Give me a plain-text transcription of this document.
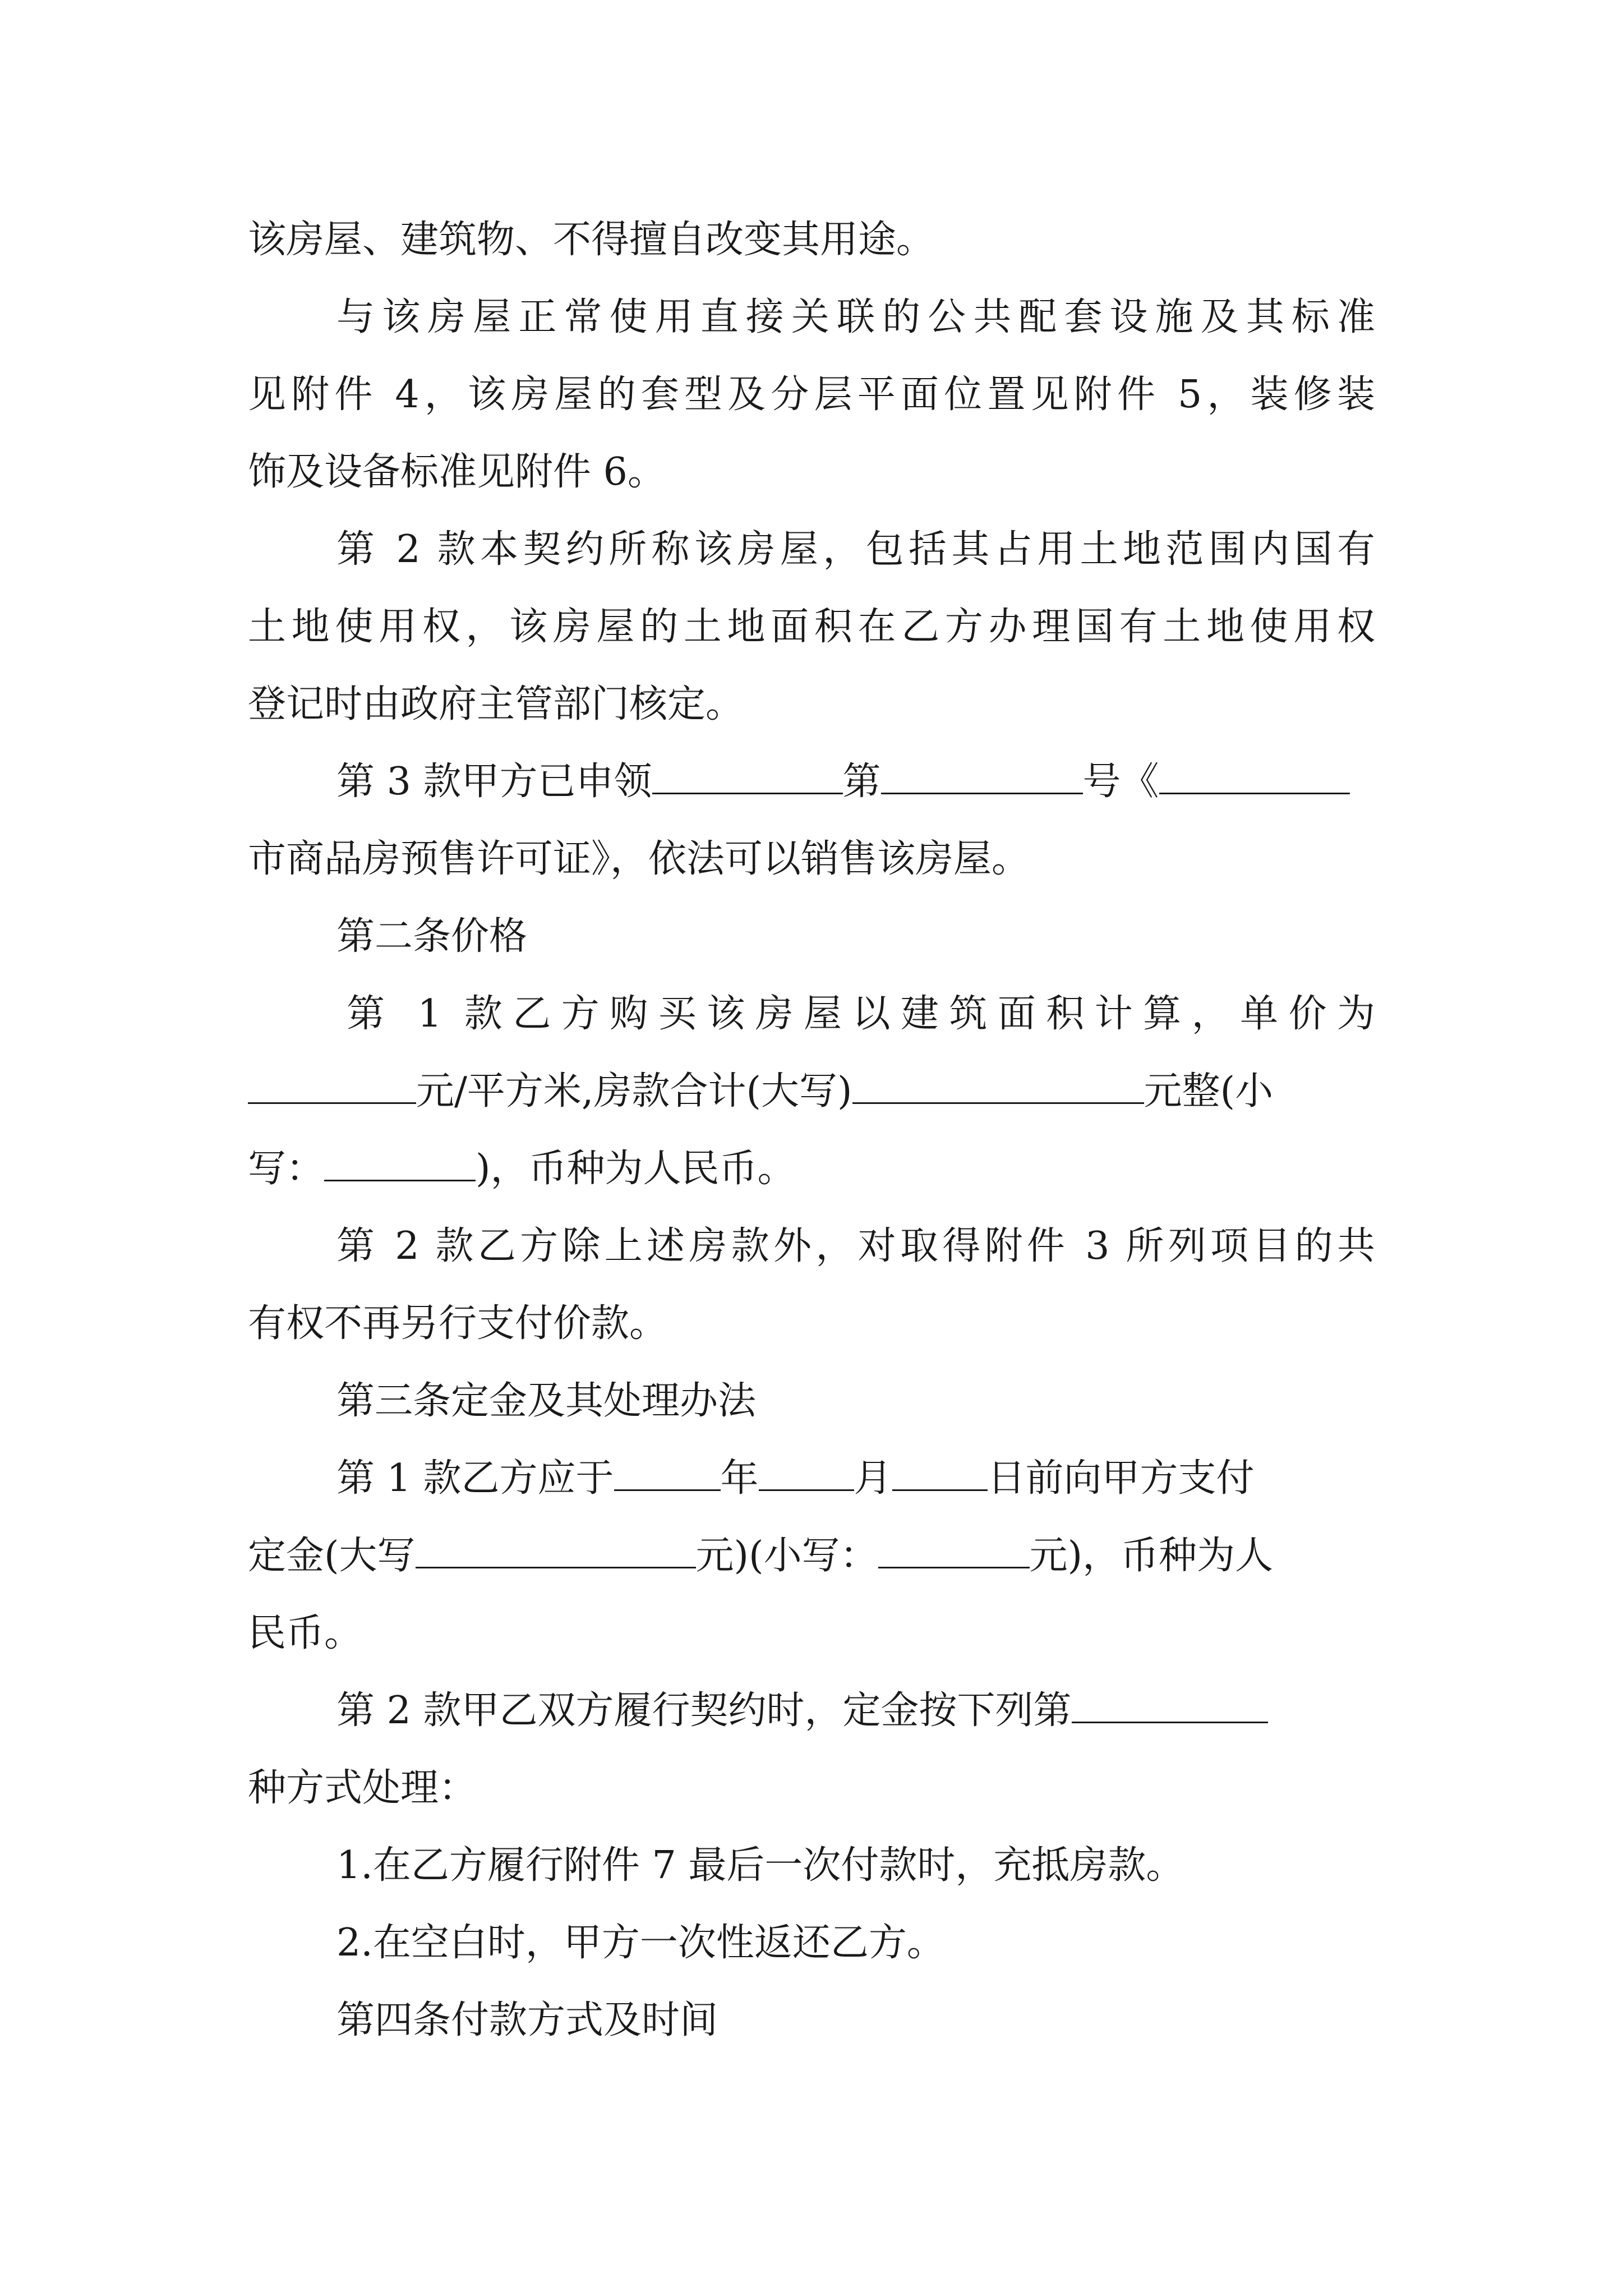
该房屋、建筑物、不得擅自改变其用途。
与该房屋正常使用直接关联的公共配套设施及其标准
见附件 4，该房屋的套型及分层平面位置见附件 5，装修装
饰及设备标准见附件 6。
第 2 款本契约所称该房屋，包括其占用土地范围内国有
土地使用权，该房屋的土地面积在乙方办理国有土地使用权
登记时由政府主管部门核定。
第 3 款甲方已申领	第	号《
市商品房预售许可证》，依法可以销售该房屋。
第二条价格
第 1 款乙方购买该房屋以建筑面积计算，单价为
元/平方米,房款合计(大写)	元整(小
写：	)，币种为人民币。
第 2 款乙方除上述房款外，对取得附件 3 所列项目的共
有权不再另行支付价款。
第三条定金及其处理办法
第 1 款乙方应于	年	月	日前向甲方支付
定金(大写	元)(小写：	元)，币种为人
民币。
第 2 款甲乙双方履行契约时，定金按下列第
种方式处理：
1.在乙方履行附件 7 最后一次付款时，充抵房款。
2.在空白时，甲方一次性返还乙方。
第四条付款方式及时间
